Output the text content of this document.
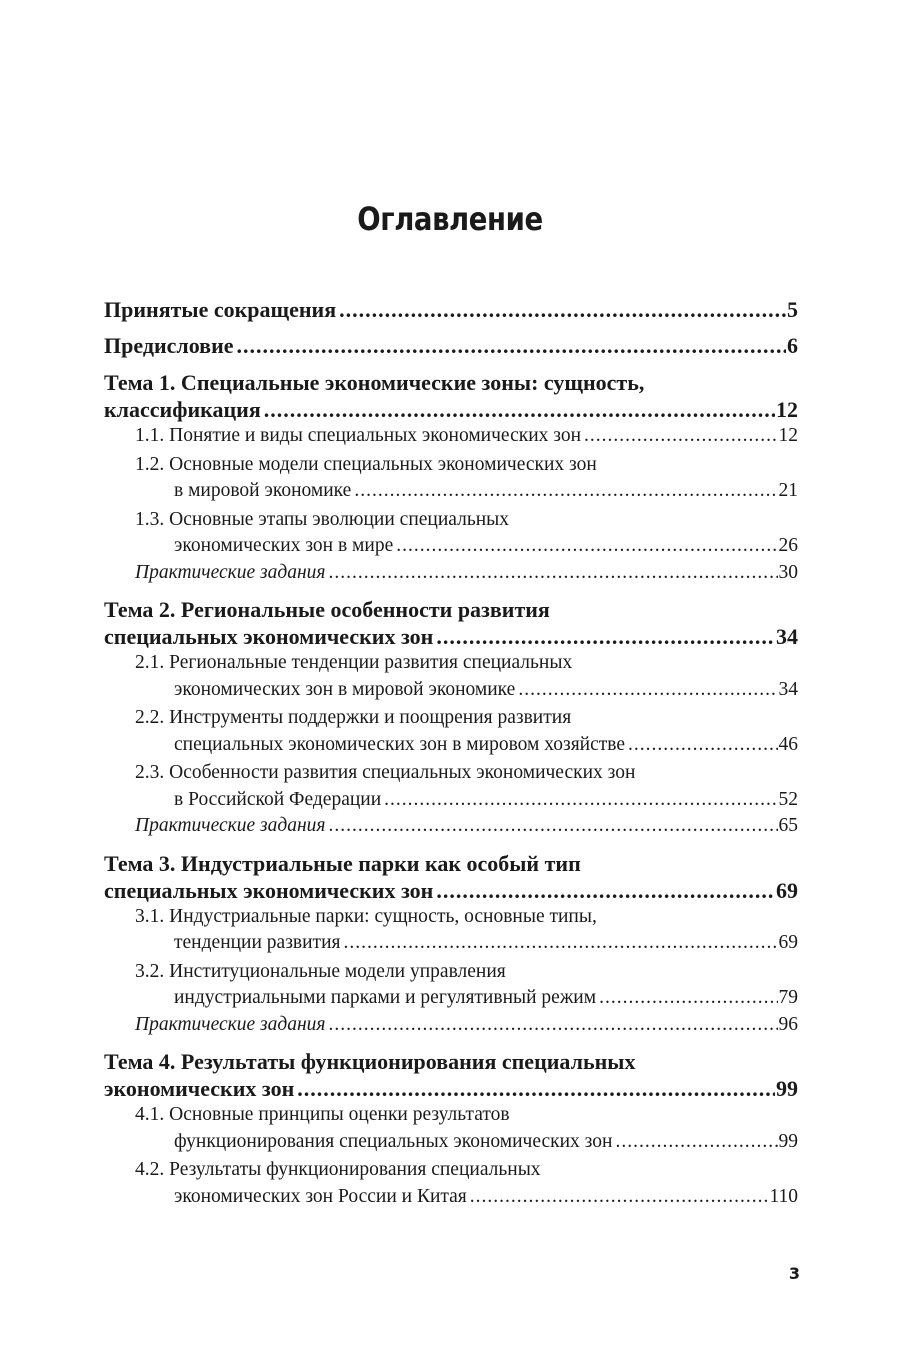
Оглавление
Принятые сокращения .....	5
Предисловие .....	6
Тема 1. Специальные экономические зоны: сущность,
классификация .....	12
1.1. Понятие и виды специальных экономических зон .....	12
1.2. Основные модели специальных экономических зон
в мировой экономике .....	21
1.3. Основные этапы эволюции специальных
экономических зон в мире .....	26
Практические задания .....	30
Тема 2. Региональные особенности развития
специальных экономических зон .....	34
2.1. Региональные тенденции развития специальных
экономических зон в мировой экономике .....	34
2.2. Инструменты поддержки и поощрения развития
специальных экономических зон в мировом хозяйстве .....	46
2.3. Особенности развития специальных экономических зон
в Российской Федерации .....	52
Практические задания .....	65
Тема 3. Индустриальные парки как особый тип
специальных экономических зон .....	69
3.1. Индустриальные парки: сущность, основные типы,
тенденции развития .....	69
3.2. Институциональные модели управления
индустриальными парками и регулятивный режим .....	79
Практические задания .....	96
Тема 4. Результаты функционирования специальных
экономических зон .....	99
4.1. Основные принципы оценки результатов
функционирования специальных экономических зон .....	99
4.2. Результаты функционирования специальных
экономических зон России и Китая .....	110
3
